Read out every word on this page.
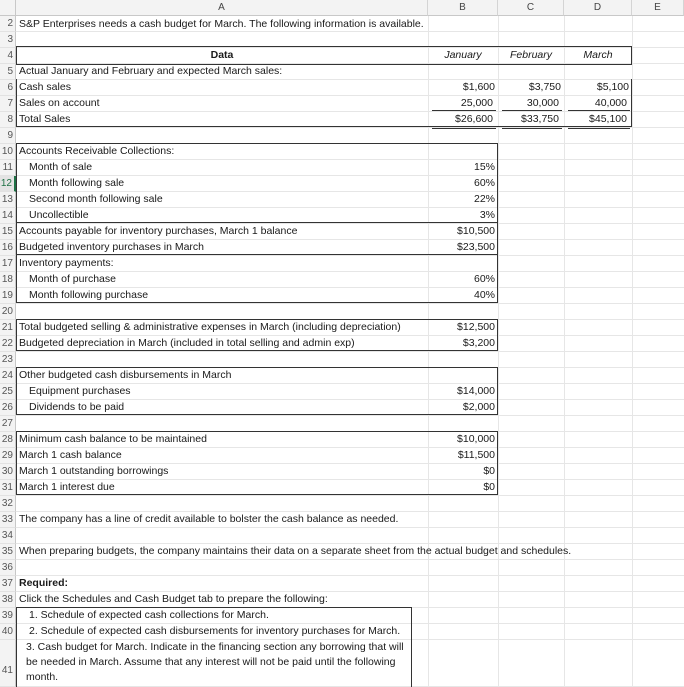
A	B	C	D	E
2
3
4
5
6
7
8
9
10
11
12
13
14
15
16
17
18
19
20
21
22
23
24
25
26
27
28
29
30
31
32
33
34
35
36
37
38
39
40
41
S&P Enterprises needs a cash budget for March. The following information is available.
Data	January	February	March
Actual January and February and expected March sales:
Cash sales	$1,600	$3,750	$5,100
Sales on account	25,000	30,000	40,000
Total Sales	$26,600	$33,750	$45,100
Accounts Receivable Collections:
Month of sale	15%
Month following sale	60%
Second month following sale	22%
Uncollectible	3%
Accounts payable for inventory purchases, March 1 balance	$10,500
Budgeted inventory purchases in March	$23,500
Inventory payments:
Month of purchase	60%
Month following purchase	40%
Total budgeted selling & administrative expenses in March (including depreciation)	$12,500
Budgeted depreciation in March (included in total selling and admin exp)	$3,200
Other budgeted cash disbursements in March
Equipment purchases	$14,000
Dividends to be paid	$2,000
Minimum cash balance to be maintained	$10,000
March 1 cash balance	$11,500
March 1 outstanding borrowings	$0
March 1 interest due	$0
The company has a line of credit available to bolster the cash balance as needed.
When preparing budgets, the company maintains their data on a separate sheet from the actual budget and schedules.
Required:
Click the Schedules and Cash Budget tab to prepare the following:
1. Schedule of expected cash collections for March.
2. Schedule of expected cash disbursements for inventory purchases for March.
3. Cash budget for March. Indicate in the financing section any borrowing that will be needed in March. Assume that any interest will not be paid until the following month.
